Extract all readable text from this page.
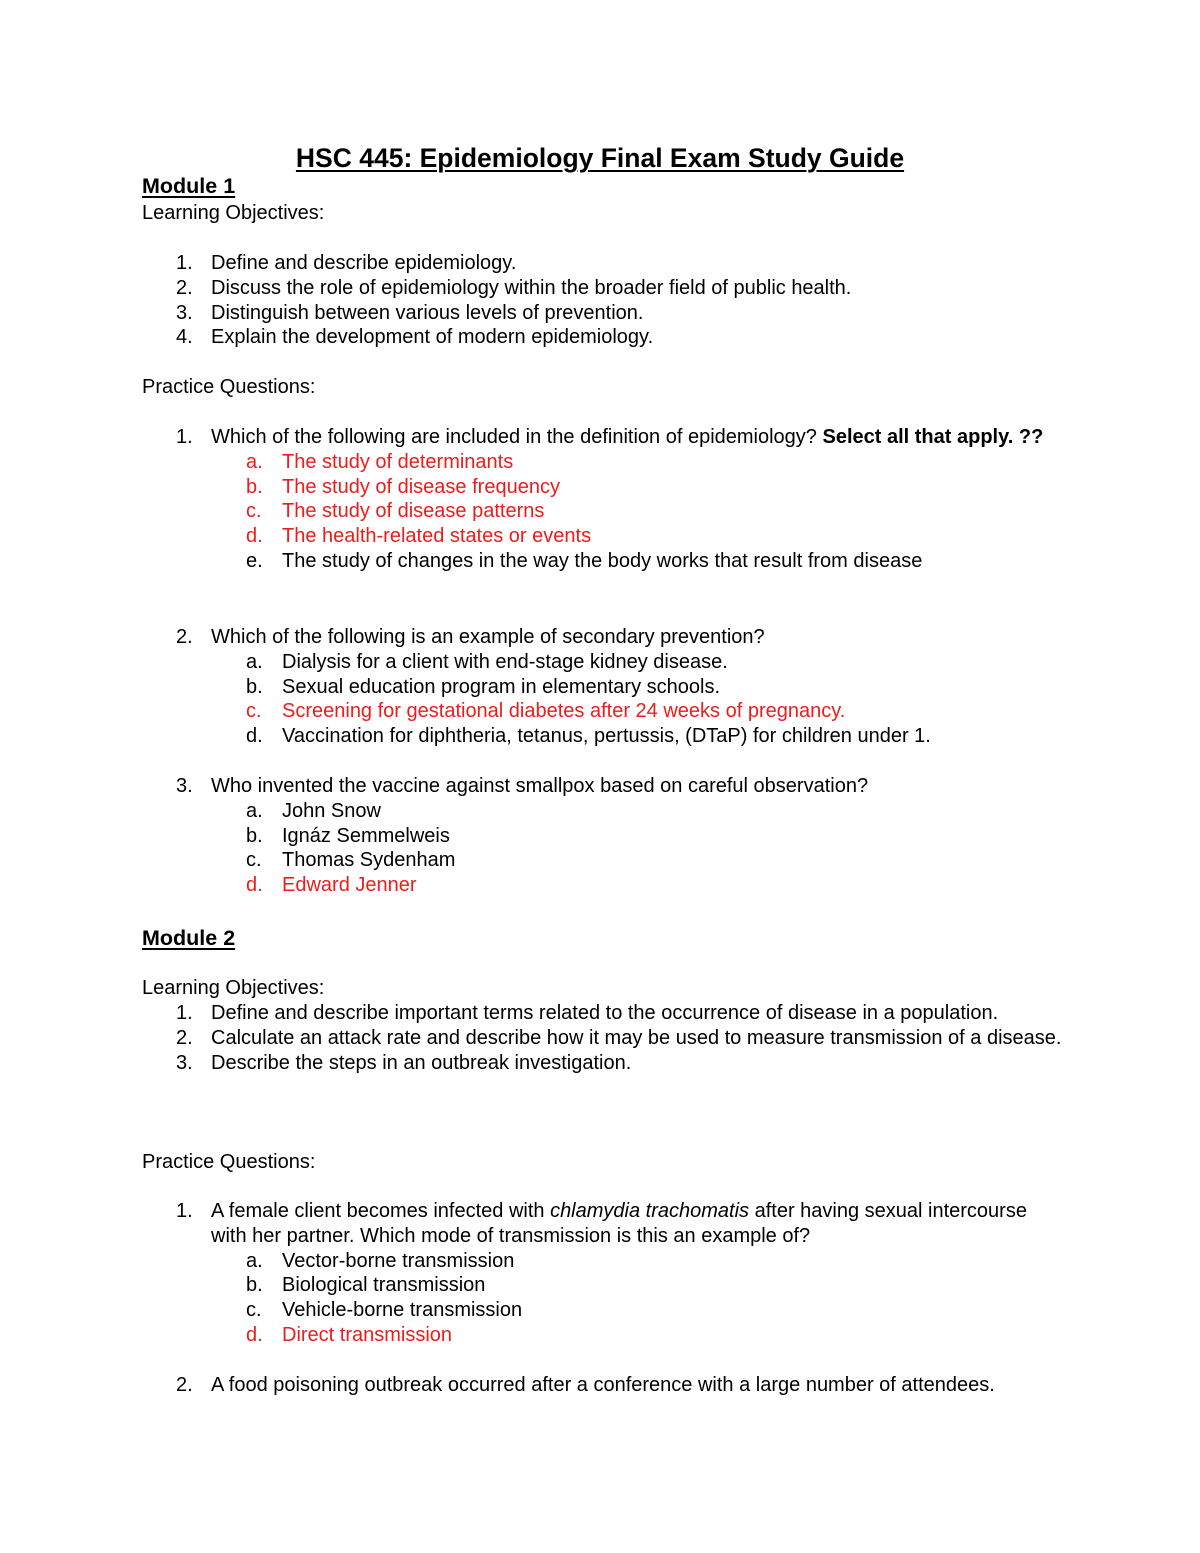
HSC 445: Epidemiology Final Exam Study Guide
Module 1
Learning Objectives:
1. Define and describe epidemiology.
2. Discuss the role of epidemiology within the broader field of public health.
3. Distinguish between various levels of prevention.
4. Explain the development of modern epidemiology.
Practice Questions:
1. Which of the following are included in the definition of epidemiology? Select all that apply. ??
a. The study of determinants
b. The study of disease frequency
c.	The study of disease patterns
d. The health-related states or events
e. The study of changes in the way the body works that result from disease
2. Which of the following is an example of secondary prevention?
a. Dialysis for a client with end-stage kidney disease.
b. Sexual education program in elementary schools.
c.	Screening for gestational diabetes after 24 weeks of pregnancy.
d. Vaccination for diphtheria, tetanus, pertussis, (DTaP) for children under 1.
3. Who invented the vaccine against smallpox based on careful observation?
a. John Snow
b. Ignáz Semmelweis
c.	Thomas Sydenham
d. Edward Jenner
Module 2
Learning Objectives:
1. Define and describe important terms related to the occurrence of disease in a population.
2. Calculate an attack rate and describe how it may be used to measure transmission of a disease.
3. Describe the steps in an outbreak investigation.
Practice Questions:
1. A female client becomes infected with chlamydia trachomatis after having sexual intercourse with her partner. Which mode of transmission is this an example of?
a. Vector-borne transmission
b. Biological transmission
c.	Vehicle-borne transmission
d. Direct transmission
2. A food poisoning outbreak occurred after a conference with a large number of attendees.
